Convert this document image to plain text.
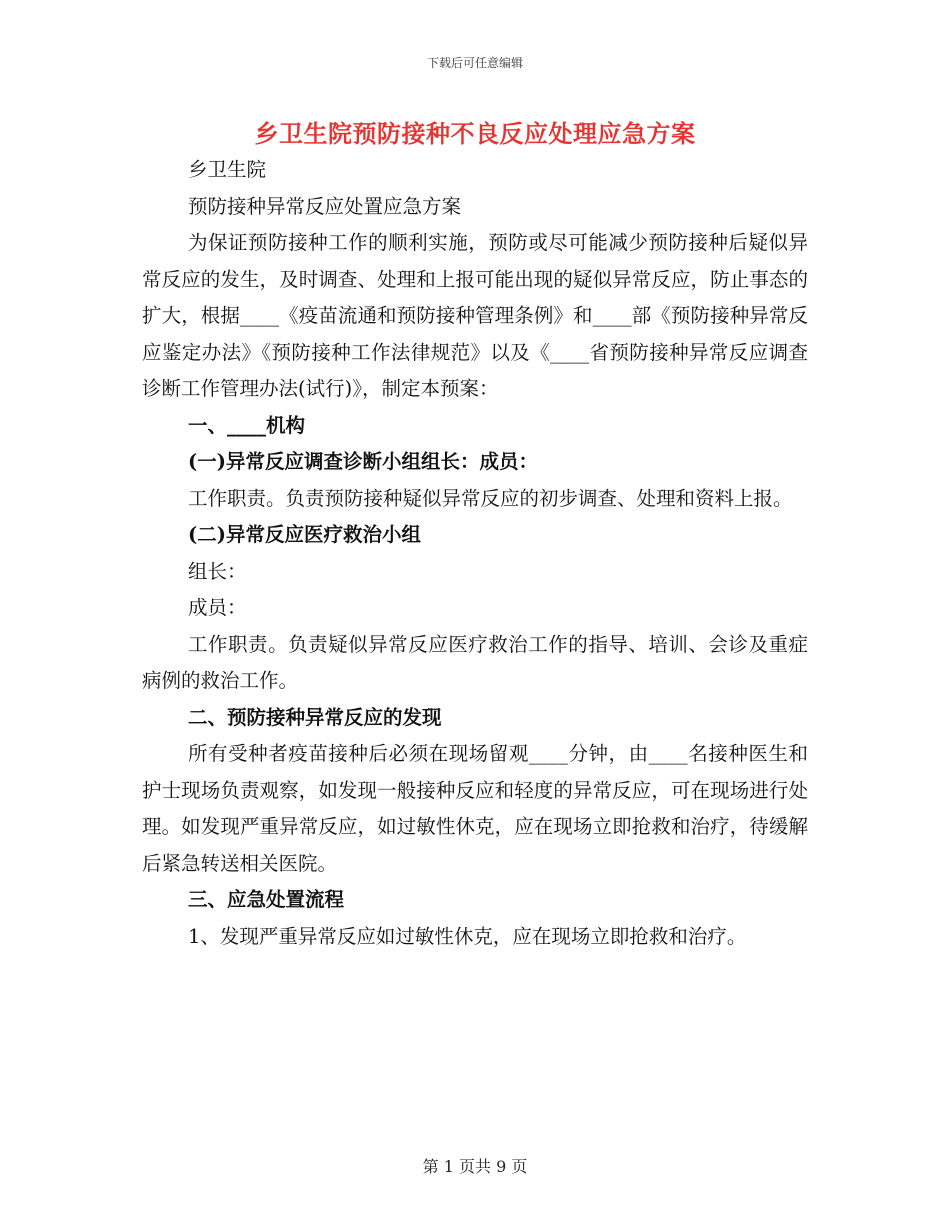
下载后可任意编辑
乡卫生院预防接种不良反应处理应急方案

乡卫生院

预防接种异常反应处置应急方案

为保证预防接种工作的顺利实施，预防或尽可能减少预防接种后疑似异常反应的发生，及时调查、处理和上报可能出现的疑似异常反应，防止事态的扩大，根据____《疫苗流通和预防接种管理条例》和____部《预防接种异常反应鉴定办法》《预防接种工作法律规范》以及《____省预防接种异常反应调查诊断工作管理办法(试行)》，制定本预案：

一、____机构

(一)异常反应调查诊断小组组长：成员：

工作职责。负责预防接种疑似异常反应的初步调查、处理和资料上报。

(二)异常反应医疗救治小组

组长：

成员：

工作职责。负责疑似异常反应医疗救治工作的指导、培训、会诊及重症病例的救治工作。

二、预防接种异常反应的发现

所有受种者疫苗接种后必须在现场留观____分钟，由____名接种医生和护士现场负责观察，如发现一般接种反应和轻度的异常反应，可在现场进行处理。如发现严重异常反应，如过敏性休克，应在现场立即抢救和治疗，待缓解后紧急转送相关医院。

三、应急处置流程

1、发现严重异常反应如过敏性休克，应在现场立即抢救和治疗。

第 1 页共 9 页
